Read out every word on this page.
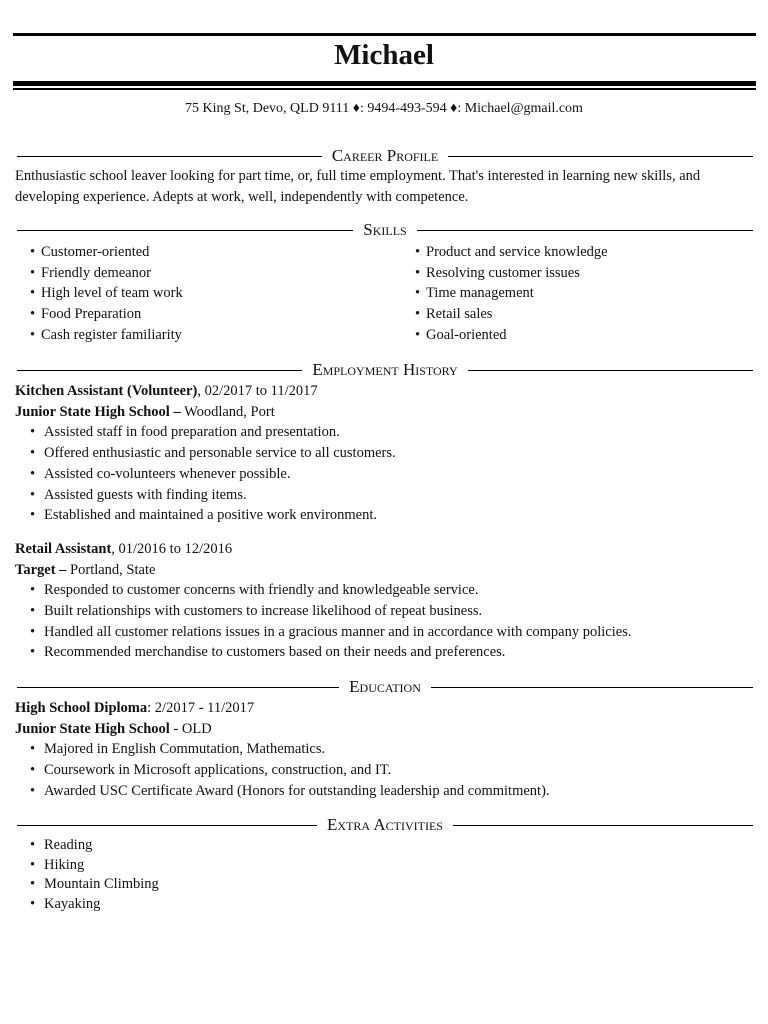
Michael
75 King St, Devo, QLD 9111 ♦: 9494-493-594 ♦: Michael@gmail.com
Career Profile

Enthusiastic school leaver looking for part time, or, full time employment. That's interested in learning new skills, and developing experience. Adepts at work, well, independently with competence.

Skills
• Customer-oriented
• Friendly demeanor
• High level of team work
• Food Preparation
• Cash register familiarity
• Product and service knowledge
• Resolving customer issues
• Time management
• Retail sales
• Goal-oriented
Employment History
Kitchen Assistant (Volunteer), 02/2017 to 11/2017
Junior State High School – Woodland, Port
• Assisted staff in food preparation and presentation.
• Offered enthusiastic and personable service to all customers.
• Assisted co-volunteers whenever possible.
• Assisted guests with finding items.
• Established and maintained a positive work environment.
Retail Assistant, 01/2016 to 12/2016
Target – Portland, State
• Responded to customer concerns with friendly and knowledgeable service.
• Built relationships with customers to increase likelihood of repeat business.
• Handled all customer relations issues in a gracious manner and in accordance with company policies.
• Recommended merchandise to customers based on their needs and preferences.
Education
High School Diploma: 2/2017 - 11/2017
Junior State High School - OLD
• Majored in English Commutation, Mathematics.
• Coursework in Microsoft applications, construction, and IT.
• Awarded USC Certificate Award (Honors for outstanding leadership and commitment).
Extra Activities
• Reading
• Hiking
• Mountain Climbing
• Kayaking
